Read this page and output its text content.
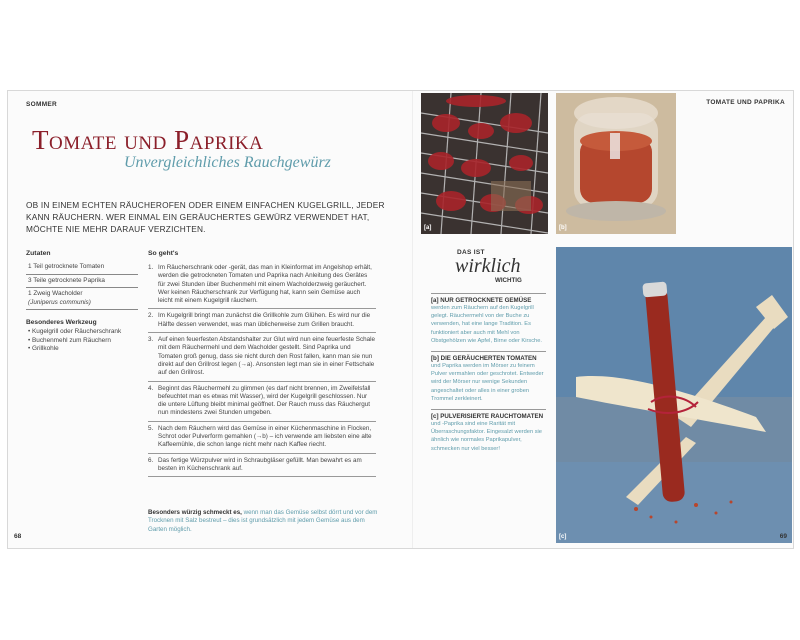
SOMMER
Tomate und Paprika
Unvergleichliches Rauchgewürz
OB IN EINEM ECHTEN RÄUCHEROFEN ODER EINEM EINFACHEN KUGELGRILL, JEDER KANN RÄUCHERN. WER EINMAL EIN GERÄUCHERTES GEWÜRZ VERWENDET HAT, MÖCHTE NIE MEHR DARAUF VERZICHTEN.
Zutaten
1 Teil getrocknete Tomaten
3 Teile getrocknete Paprika
1 Zweig Wacholder
(Juniperus communis)
Besonderes Werkzeug
• Kugelgrill oder Räucherschrank
• Buchenmehl zum Räuchern
• Grillkohle
So geht's
1. Im Räucherschrank oder -gerät, das man in Kleinformat im Angelshop erhält, werden die getrockneten Tomaten und Paprika nach Anleitung des Gerätes für zwei Stunden über Buchenmehl mit einem Wacholderzweig geräuchert. Wer keinen Räucherschrank zur Verfügung hat, kann sein Gemüse auch leicht mit einem Kugelgrill räuchern.
2. Im Kugelgrill bringt man zunächst die Grillkohle zum Glühen. Es wird nur die Hälfte dessen verwendet, was man üblicherweise zum Grillen braucht.
3. Auf einen feuerfesten Abstandshalter zur Glut wird nun eine feuerfeste Schale mit dem Räuchermehl und dem Wacholder gestellt. Sind Paprika und Tomaten groß genug, dass sie nicht durch den Rost fallen, kann man sie nun direkt auf den Grillrost legen (→a). Ansonsten legt man sie in einer Fettschale auf den Grillrost.
4. Beginnt das Räuchermehl zu glimmen (es darf nicht brennen, im Zweifelsfall befeuchtet man es etwas mit Wasser), wird der Kugelgrill geschlossen. Nur die untere Lüftung bleibt minimal geöffnet. Der Rauch muss das Räuchergut nun mindestens zwei Stunden umgeben.
5. Nach dem Räuchern wird das Gemüse in einer Küchenmaschine in Flocken, Schrot oder Pulverform gemahlen (→b) – ich verwende am liebsten eine alte Kaffeemühle, die schon lange nicht mehr nach Kaffee riecht.
6. Das fertige Würzpulver wird in Schraubgläser gefüllt. Man bewahrt es am besten im Küchenschrank auf.
Besonders würzig schmeckt es, wenn man das Gemüse selbst dörrt und vor dem Trocknen mit Salz bestreut – dies ist grundsätzlich mit jedem Gemüse aus dem Garten möglich.
68
TOMATE UND PAPRIKA
[a]	[b]
DAS IST
wirklich
WICHTIG
[a] NUR GETROCKNETE GEMÜSE
werden zum Räuchern auf den Kugelgrill gelegt. Räuchermehl von der Buche zu verwenden, hat eine lange Tradition. Es funktioniert aber auch mit Mehl von Obstgehölzen wie Apfel, Birne oder Kirsche.
[b] DIE GERÄUCHERTEN TOMATEN
und Paprika werden im Mörser zu feinem Pulver vermahlen oder geschrotet. Entweder wird der Mörser nur wenige Sekunden angeschaltet oder alles in einer groben Trommel zerkleinert.
[c] PULVERISIERTE RAUCHTOMATEN
und -Paprika sind eine Rarität mit Überraschungsfaktor. Eingesalzt werden sie ähnlich wie normales Paprikapulver, schmecken nur viel besser!
[c]	69
